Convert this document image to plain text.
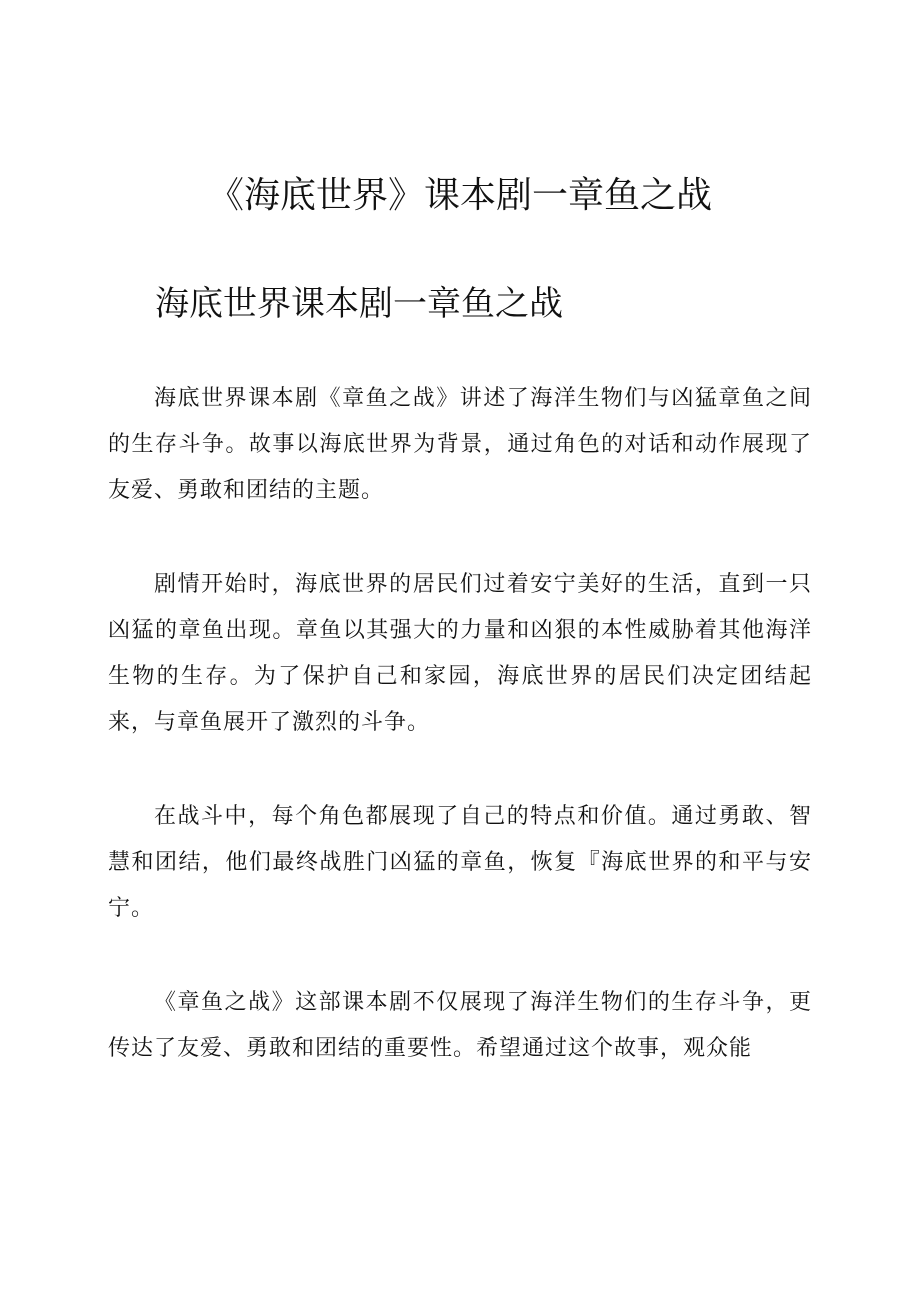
《海底世界》课本剧一章鱼之战
海底世界课本剧一章鱼之战

海底世界课本剧《章鱼之战》讲述了海洋生物们与凶猛章鱼之间的生存斗争。故事以海底世界为背景，通过角色的对话和动作展现了友爱、勇敢和团结的主题。

剧情开始时，海底世界的居民们过着安宁美好的生活，直到一只凶猛的章鱼出现。章鱼以其强大的力量和凶狠的本性威胁着其他海洋生物的生存。为了保护自己和家园，海底世界的居民们决定团结起来，与章鱼展开了激烈的斗争。

在战斗中，每个角色都展现了自己的特点和价值。通过勇敢、智慧和团结，他们最终战胜门凶猛的章鱼，恢复『海底世界的和平与安宁。

《章鱼之战》这部课本剧不仅展现了海洋生物们的生存斗争，更传达了友爱、勇敢和团结的重要性。希望通过这个故事，观众能
